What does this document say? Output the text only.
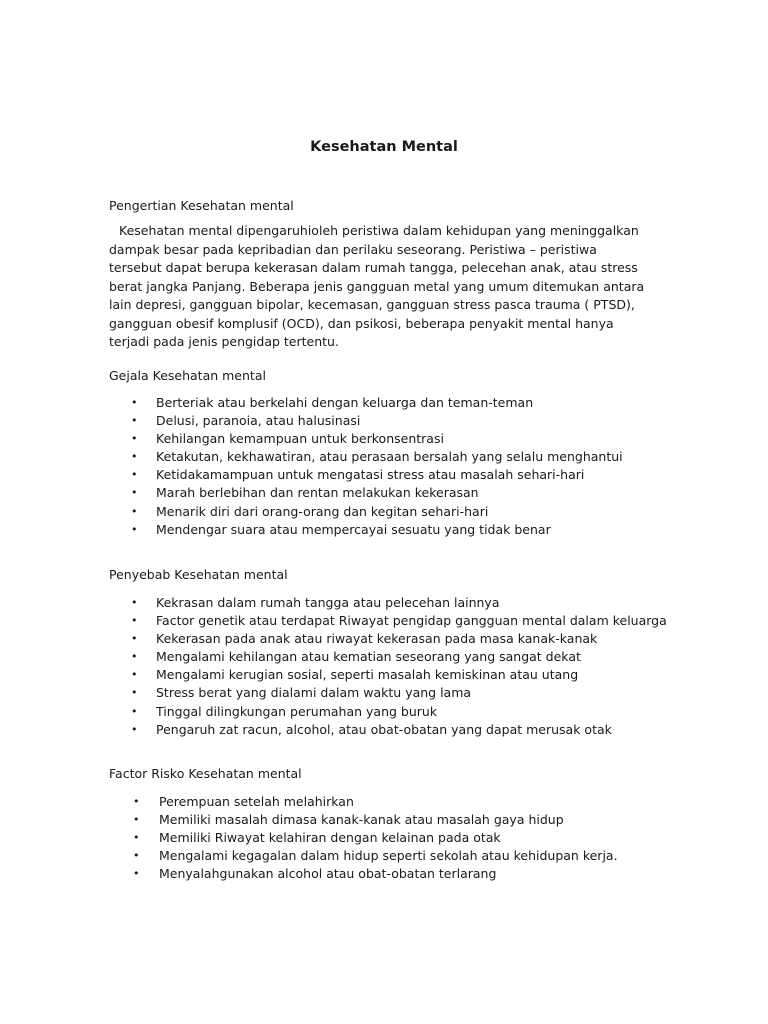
Kesehatan Mental
Pengertian Kesehatan mental

Kesehatan mental dipengaruhioleh peristiwa dalam kehidupan yang meninggalkan dampak besar pada kepribadian dan perilaku seseorang. Peristiwa – peristiwa tersebut dapat berupa kekerasan dalam rumah tangga, pelecehan anak, atau stress berat jangka Panjang. Beberapa jenis gangguan metal yang umum ditemukan antara lain depresi, gangguan bipolar, kecemasan, gangguan stress pasca trauma ( PTSD), gangguan obesif komplusif (OCD), dan psikosi, beberapa penyakit mental hanya terjadi pada jenis pengidap tertentu.

Gejala Kesehatan mental
• Berteriak atau berkelahi dengan keluarga dan teman-teman
• Delusi, paranoia, atau halusinasi
• Kehilangan kemampuan untuk berkonsentrasi
• Ketakutan, kekhawatiran, atau perasaan bersalah yang selalu menghantui
• Ketidakamampuan untuk mengatasi stress atau masalah sehari-hari
• Marah berlebihan dan rentan melakukan kekerasan
• Menarik diri dari orang-orang dan kegitan sehari-hari
• Mendengar suara atau mempercayai sesuatu yang tidak benar
Penyebab Kesehatan mental
• Kekrasan dalam rumah tangga atau pelecehan lainnya
• Factor genetik atau terdapat Riwayat pengidap gangguan mental dalam keluarga
• Kekerasan pada anak atau riwayat kekerasan pada masa kanak-kanak
• Mengalami kehilangan atau kematian seseorang yang sangat dekat
• Mengalami kerugian sosial, seperti masalah kemiskinan atau utang
• Stress berat yang dialami dalam waktu yang lama
• Tinggal dilingkungan perumahan yang buruk
• Pengaruh zat racun, alcohol, atau obat-obatan yang dapat merusak otak
Factor Risko Kesehatan mental
• Perempuan setelah melahirkan
• Memiliki masalah dimasa kanak-kanak atau masalah gaya hidup
• Memiliki Riwayat kelahiran dengan kelainan pada otak
• Mengalami kegagalan dalam hidup seperti sekolah atau kehidupan kerja.
• Menyalahgunakan alcohol atau obat-obatan terlarang
